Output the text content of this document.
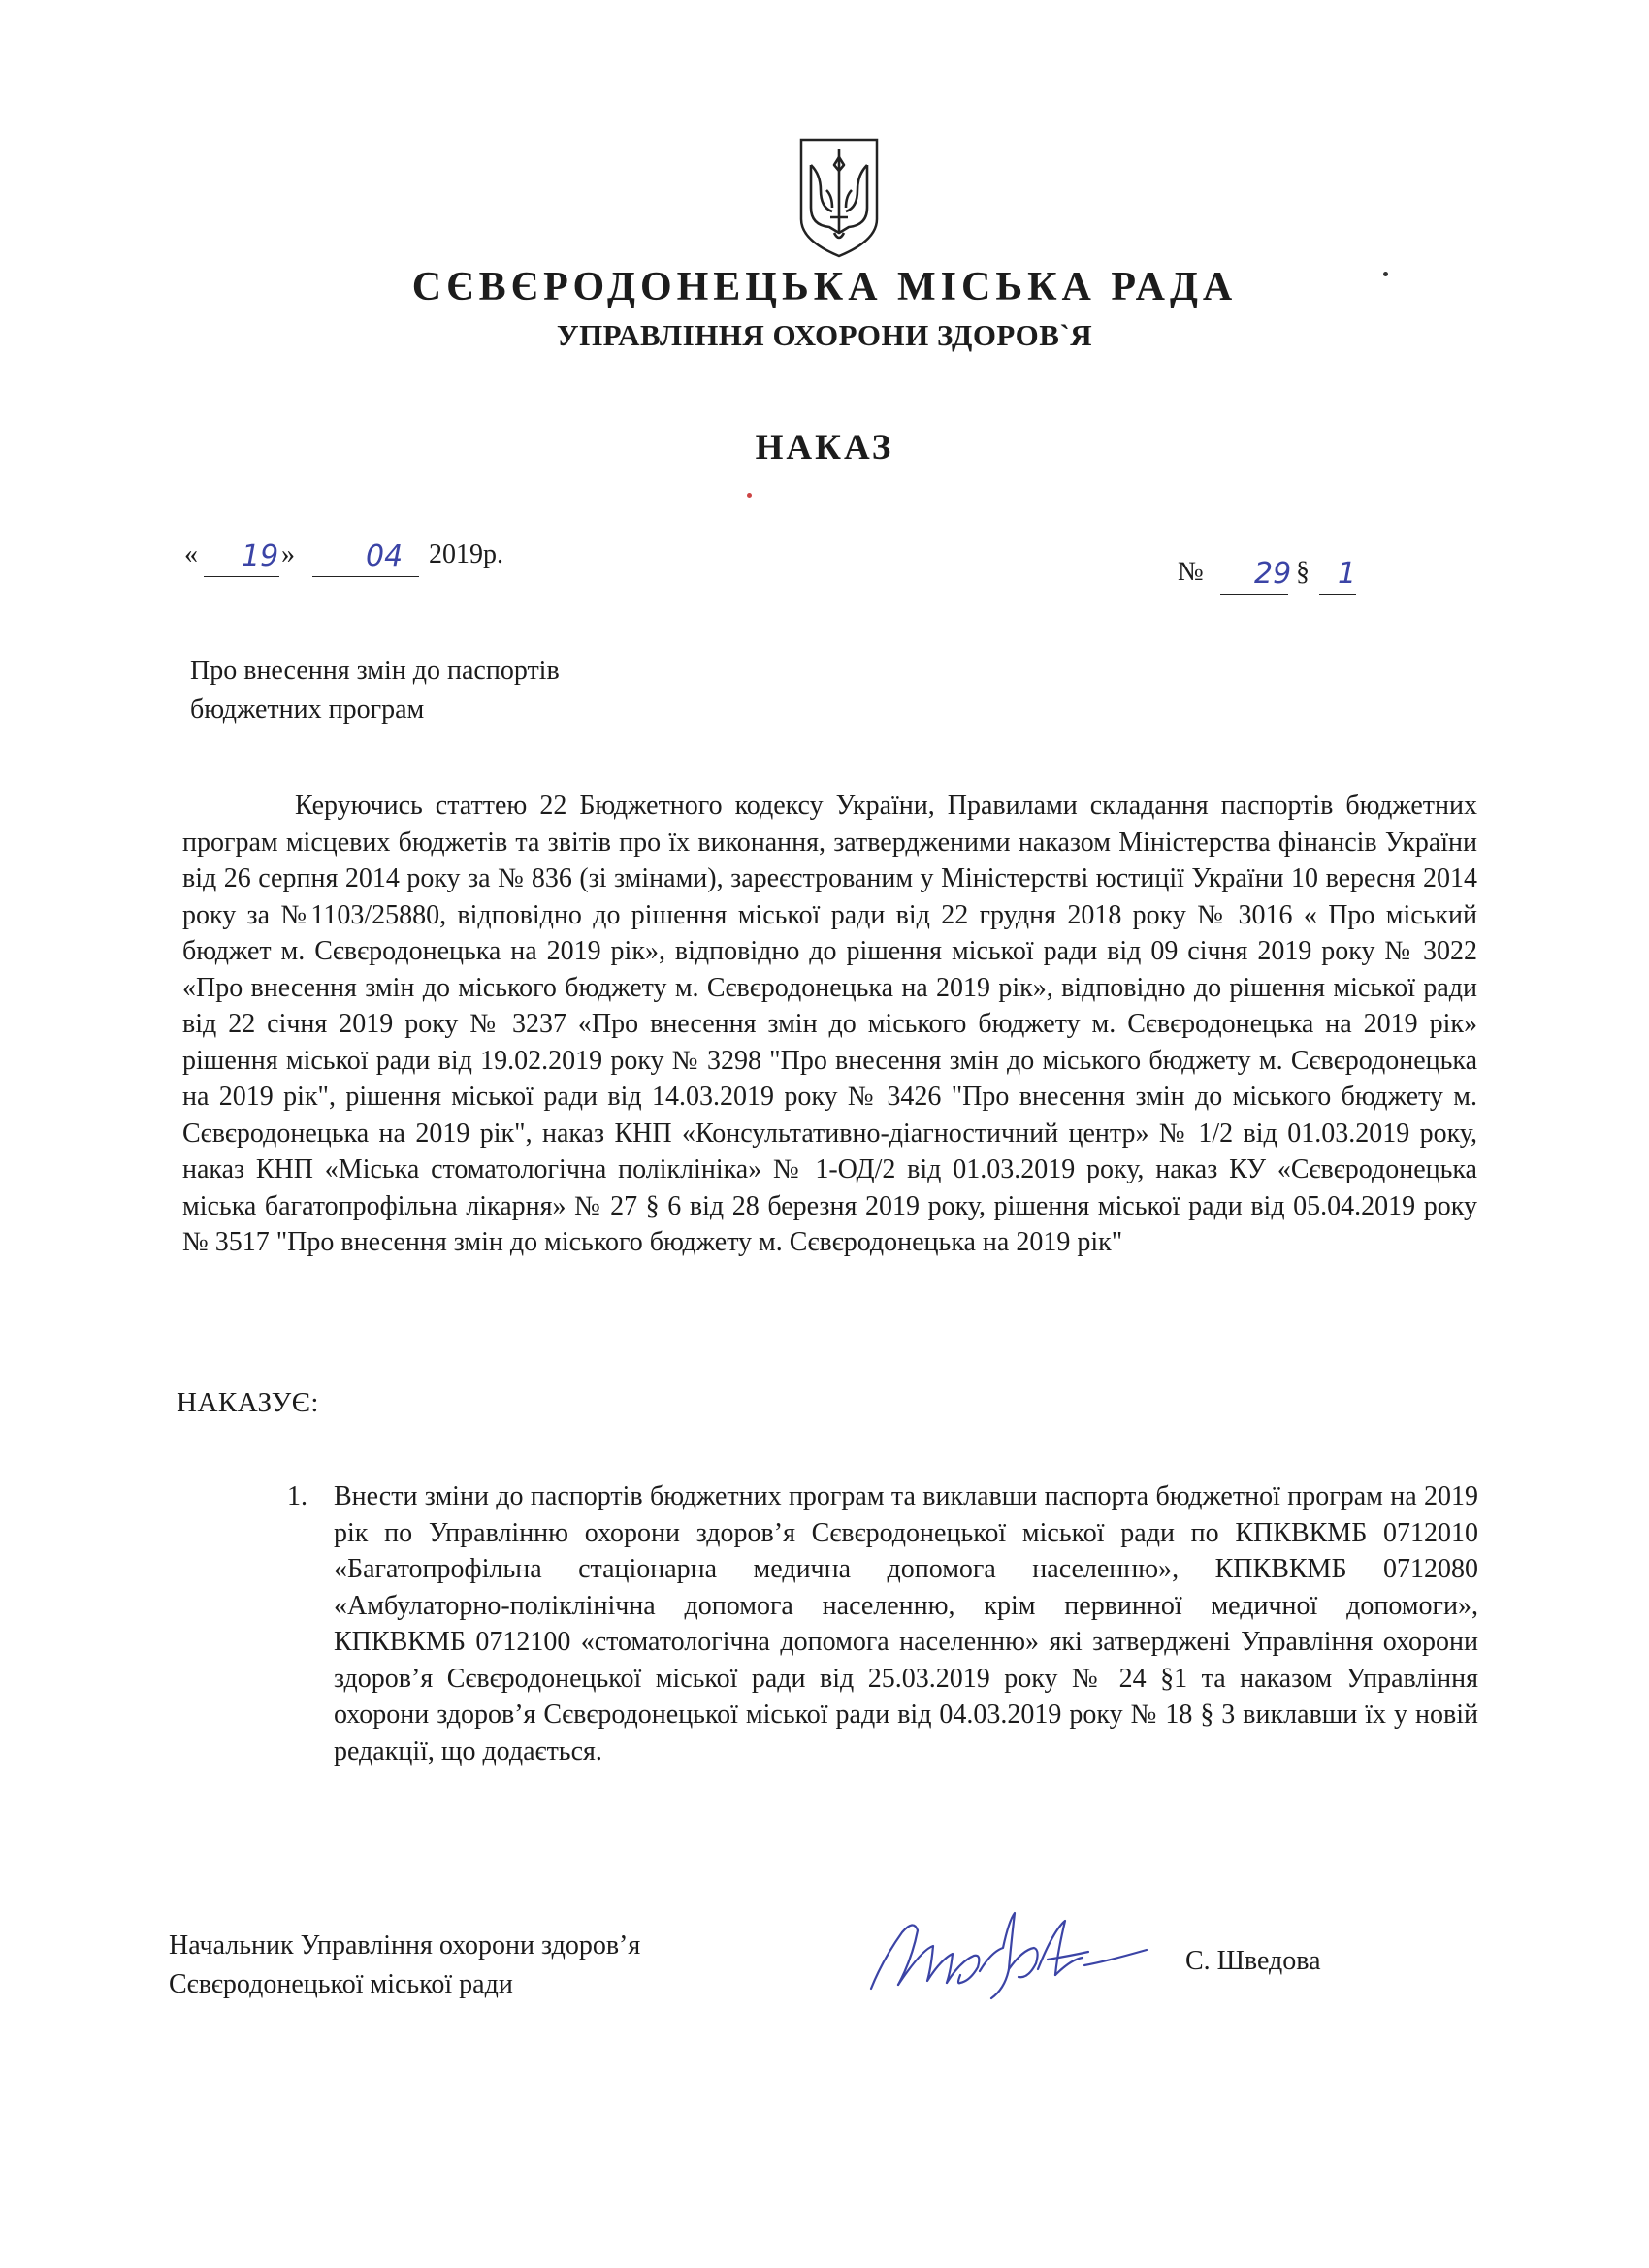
СЄВЄРОДОНЕЦЬКА МІСЬКА РАДА
УПРАВЛІННЯ ОХОРОНИ ЗДОРОВ`Я
НАКАЗ
« 19 » 04 2019р.
№ 29 § 1
Про внесення змін до паспортів
бюджетних програм
Керуючись статтею 22 Бюджетного кодексу України, Правилами складання паспортів бюджетних програм місцевих бюджетів та звітів про їх виконання, затвердженими наказом Міністерства фінансів України від 26 серпня 2014 року за № 836 (зі змінами), зареєстрованим у Міністерстві юстиції України 10 вересня 2014 року за №1103/25880, відповідно до рішення міської ради від 22 грудня 2018 року № 3016 « Про міський бюджет м. Сєвєродонецька на 2019 рік», відповідно до рішення міської ради від 09 січня 2019 року № 3022 «Про внесення змін до міського бюджету м. Сєвєродонецька на 2019 рік», відповідно до рішення міської ради від 22 січня 2019 року № 3237 «Про внесення змін до міського бюджету м. Сєвєродонецька на 2019 рік» рішення міської ради від 19.02.2019 року № 3298 "Про внесення змін до міського бюджету м. Сєвєродонецька на 2019 рік", рішення міської ради від 14.03.2019 року № 3426 "Про внесення змін до міського бюджету м. Сєвєродонецька на 2019 рік", наказ КНП «Консультативно-діагностичний центр» № 1/2 від 01.03.2019 року, наказ КНП «Міська стоматологічна поліклініка» № 1-ОД/2 від 01.03.2019 року, наказ КУ «Сєвєродонецька міська багатопрофільна лікарня» № 27 § 6 від 28 березня 2019 року, рішення міської ради від 05.04.2019 року № 3517 "Про внесення змін до міського бюджету м. Сєвєродонецька на 2019 рік"
НАКАЗУЄ:
1. Внести зміни до паспортів бюджетних програм та виклавши паспорта бюджетної програм на 2019 рік по Управлінню охорони здоров’я Сєвєродонецької міської ради по КПКВКМБ 0712010 «Багатопрофільна стаціонарна медична допомога населенню», КПКВКМБ 0712080 «Амбулаторно-поліклінічна допомога населенню, крім первинної медичної допомоги», КПКВКМБ 0712100 «стоматологічна допомога населенню» які затверджені Управління охорони здоров’я Сєвєродонецької міської ради від 25.03.2019 року № 24 §1 та наказом Управління охорони здоров’я Сєвєродонецької міської ради від 04.03.2019 року № 18 § 3 виклавши їх у новій редакції, що додається.
Начальник Управління охорони здоров’я
Сєвєродонецької міської ради
С. Шведова
